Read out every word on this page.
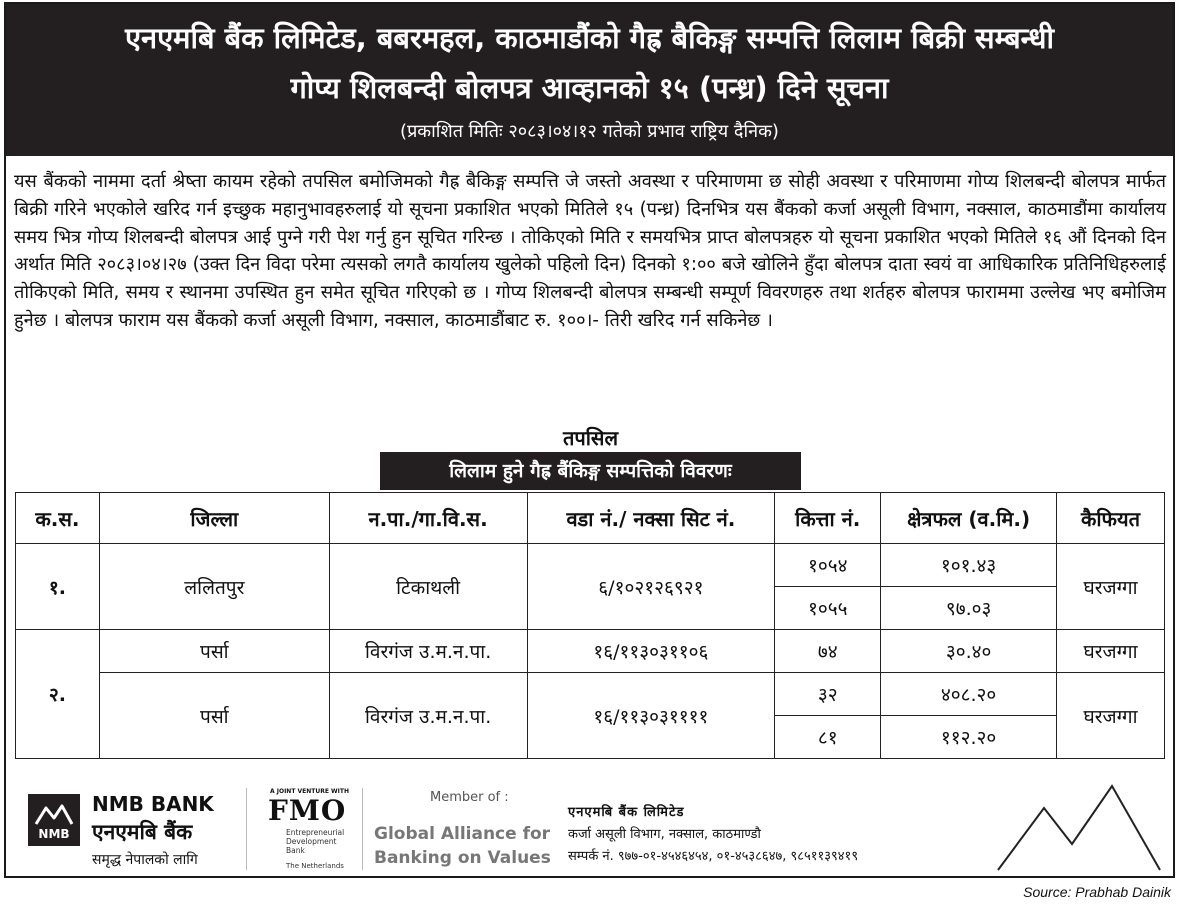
एनएमबि बैंक लिमिटेड, बबरमहल, काठमाडौंको गैह्र बैकिङ्ग सम्पत्ति लिलाम बिक्री सम्बन्धी
गोप्य शिलबन्दी बोलपत्र आव्हानको १५ (पन्ध्र) दिने सूचना
(प्रकाशित मितिः २०८३।०४।१२ गतेको प्रभाव राष्ट्रिय दैनिक)
यस बैंकको नाममा दर्ता श्रेष्ता कायम रहेको तपसिल बमोजिमको गैह्र बैकिङ्ग सम्पत्ति जे जस्तो अवस्था र परिमाणमा छ सोही अवस्था र परिमाणमा गोप्य शिलबन्दी बोलपत्र मार्फत बिक्री गरिने भएकोले खरिद गर्न इच्छुक महानुभावहरुलाई यो सूचना प्रकाशित भएको मितिले १५ (पन्ध्र) दिनभित्र यस बैंकको कर्जा असूली विभाग, नक्साल, काठमाडौंमा कार्यालय समय भित्र गोप्य शिलबन्दी बोलपत्र आई पुग्ने गरी पेश गर्नु हुन सूचित गरिन्छ । तोकिएको मिति र समयभित्र प्राप्त बोलपत्रहरु यो सूचना प्रकाशित भएको मितिले १६ औं दिनको दिन अर्थात मिति २०८३।०४।२७ (उक्त दिन विदा परेमा त्यसको लगतै कार्यालय खुलेको पहिलो दिन) दिनको १:०० बजे खोलिने हुँदा बोलपत्र दाता स्वयं वा आधिकारिक प्रतिनिधिहरुलाई तोकिएको मिति, समय र स्थानमा उपस्थित हुन समेत सूचित गरिएको छ । गोप्य शिलबन्दी बोलपत्र सम्बन्धी सम्पूर्ण विवरणहरु तथा शर्तहरु बोलपत्र फाराममा उल्लेख भए बमोजिम हुनेछ । बोलपत्र फाराम यस बैंकको कर्जा असूली विभाग, नक्साल, काठमाडौंबाट रु. १००।- तिरी खरिद गर्न सकिनेछ ।
तपसिल
लिलाम हुने गैह्र बैंकिङ्ग सम्पत्तिको विवरणः
क.स.	जिल्ला	न.पा./गा.वि.स.	वडा नं./ नक्सा सिट नं.	कित्ता नं.	क्षेत्रफल (व.मि.)	कैफियत
१.	ललितपुर	टिकाथली	६/१०२१२६९२१	१०५४	१०१.४३	घरजग्गा
				१०५५	९७.०३	
२.	पर्सा	विरगंज उ.म.न.पा.	१६/११३०३११०६	७४	३०.४०	घरजग्गा
	पर्सा	विरगंज उ.म.न.पा.	१६/११३०३११११	३२	४०८.२०	घरजग्गा
				८१	११२.२०	
NMB
NMB BANK
एनएमबि बैंक
समृद्ध नेपालको लागि
A JOINT VENTURE WITH
FMO
Entrepreneurial
Development
Bank
The Netherlands
Member of :
Global Alliance for
Banking on Values
एनएमबि बैंक लिमिटेड
कर्जा असूली विभाग, नक्साल, काठमाण्डौ
सम्पर्क नं. ९७७-०१-४५४६४५४, ०१-४५३८६४७, ९८५११३९४१९
Source: Prabhab Dainik
